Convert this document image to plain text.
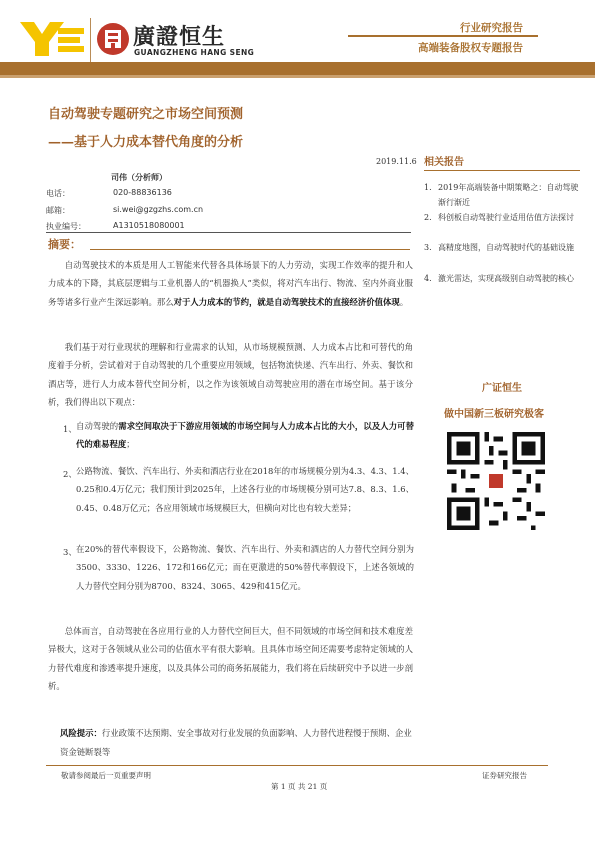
廣證恒生
GUANGZHENG HANG SENG
行业研究报告
高端装备股权专题报告
自动驾驶专题研究之市场空间预测
——基于人力成本替代角度的分析
2019.11.6
司伟（分析师）
电话：	020-88836136
邮箱：	si.wei@gzgzhs.com.cn
执业编号：	A1310518080001
摘要：
自动驾驶技术的本质是用人工智能来代替各具体场景下的人力劳动，实现工作效率的提升和人力成本的下降，其底层逻辑与工业机器人的“机器换人”类似，将对汽车出行、物流、室内外商业服务等诸多行业产生深远影响。那么对于人力成本的节约，就是自动驾驶技术的直接经济价值体现。
我们基于对行业现状的理解和行业需求的认知，从市场规模预测、人力成本占比和可替代的角度着手分析，尝试着对于自动驾驶的几个重要应用领域，包括物流快递、汽车出行、外卖、餐饮和酒店等，进行人力成本替代空间分析，以之作为该领域自动驾驶应用的潜在市场空间。基于该分析，我们得出以下观点：
1、 自动驾驶的需求空间取决于下游应用领域的市场空间与人力成本占比的大小，以及人力可替代的难易程度；
2、 公路物流、餐饮、汽车出行、外卖和酒店行业在2018年的市场规模分别为4.3、4.3、1.4、0.25和0.4万亿元；我们预计到2025年，上述各行业的市场规模分别可达7.8、8.3、1.6、0.45、0.48万亿元；各应用领域市场规模巨大，但横向对比也有较大差异；
3、 在20%的替代率假设下，公路物流、餐饮、汽车出行、外卖和酒店的人力替代空间分别为3500、3330、1226、172和166亿元；而在更激进的50%替代率假设下，上述各领域的人力替代空间分别为8700、8324、3065、429和415亿元。
总体而言，自动驾驶在各应用行业的人力替代空间巨大，但不同领域的市场空间和技术难度差异极大，这对于各领域从业公司的估值水平有很大影响。且具体市场空间还需要考虑特定领域的人力替代难度和渗透率提升速度，以及具体公司的商务拓展能力，我们将在后续研究中予以进一步剖析。
风险提示：行业政策不达预期、安全事故对行业发展的负面影响、人力替代进程慢于预期、企业资金链断裂等
相关报告
1. 2019年高端装备中期策略之：自动驾驶渐行渐近
2. 科创板自动驾驶行业适用估值方法探讨
3. 高精度地图，自动驾驶时代的基础设施
4. 激光雷达，实现高级别自动驾驶的核心
广证恒生
做中国新三板研究极客
敬请参阅最后一页重要声明
第 1 页 共 21 页
证券研究报告
